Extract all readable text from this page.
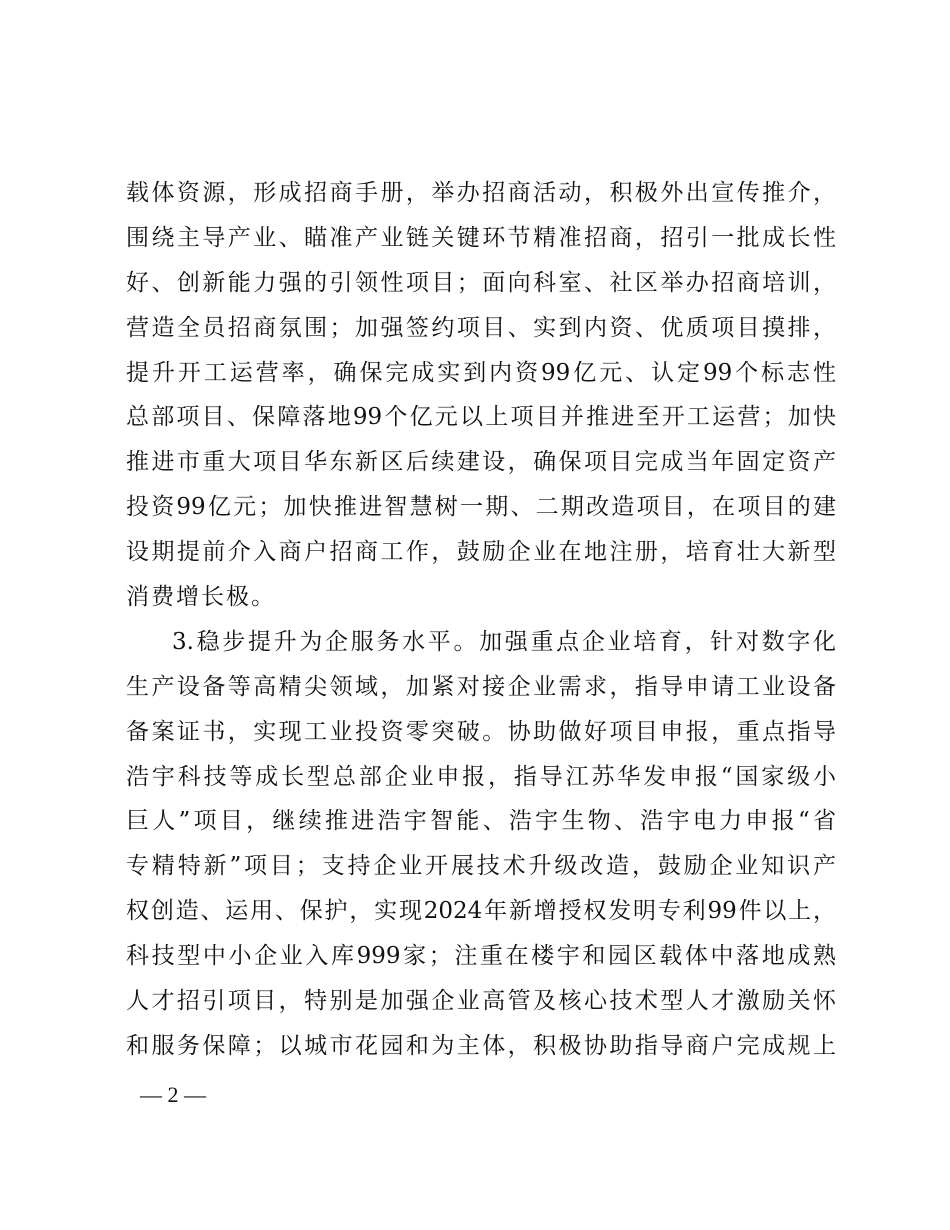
载体资源，形成招商手册，举办招商活动，积极外出宣传推介，
围绕主导产业、瞄准产业链关键环节精准招商，招引一批成长性
好、创新能力强的引领性项目；面向科室、社区举办招商培训，
营造全员招商氛围；加强签约项目、实到内资、优质项目摸排，
提升开工运营率，确保完成实到内资99亿元、认定99个标志性
总部项目、保障落地99个亿元以上项目并推进至开工运营；加快
推进市重大项目华东新区后续建设，确保项目完成当年固定资产
投资99亿元；加快推进智慧树一期、二期改造项目，在项目的建
设期提前介入商户招商工作，鼓励企业在地注册，培育壮大新型
消费增长极。
3.稳步提升为企服务水平。加强重点企业培育，针对数字化
生产设备等高精尖领域，加紧对接企业需求，指导申请工业设备
备案证书，实现工业投资零突破。协助做好项目申报，重点指导
浩宇科技等成长型总部企业申报，指导江苏华发申报“国家级小
巨人”项目，继续推进浩宇智能、浩宇生物、浩宇电力申报“省
专精特新”项目；支持企业开展技术升级改造，鼓励企业知识产
权创造、运用、保护，实现2024年新增授权发明专利99件以上，
科技型中小企业入库999家；注重在楼宇和园区载体中落地成熟
人才招引项目，特别是加强企业高管及核心技术型人才激励关怀
和服务保障；以城市花园和为主体，积极协助指导商户完成规上
— 2 —
